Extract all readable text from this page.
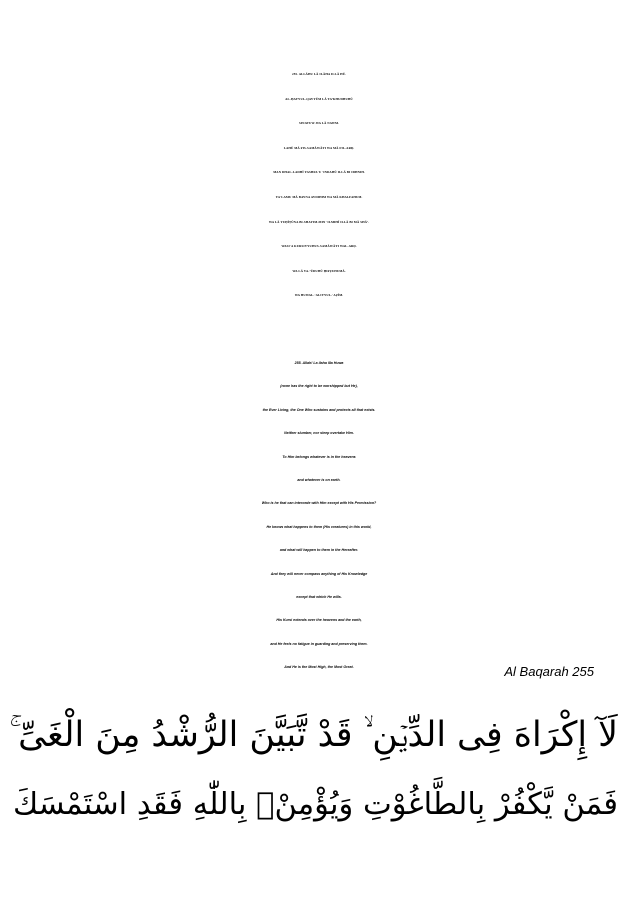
255. ALLĀHU LĀ ILĀHA ILLĀ HŪ.
AL-ḤAYYUL-QAYYŪM LĀ TA’KHUDHUHŪ
SINATUW-WA LĀ NAWM.
LAHŪ MĀ FIS-SAMĀWĀTI WA MĀ FIL-ARḌ.
MAN DHAL-LADHĪ YASHFA`U `INDAHŪ ILLĀ BI IDHNIH.
YA`LAMU MĀ BAYNA AYDIHIM WA MĀ KHALFAHUM.
WA LĀ YUḤĪṬŪNA BI-SHAYIM-MIN `ILMIHĪ ILLĀ BI MĀ SHĀ’.
WASI`A KURSIYYUHUS-SAMĀWĀTI WAL-ARḌ.
WA LĀ YA-‘ŪDUHŪ ḤIFẒUHUMĀ.
WA HUWAL-`ALIYYUL-`AẒĪM.
255. Allah! La ilaha illa Huwa
(none has the right to be worshipped but He),
the Ever Living, the One Who sustains and protects all that exists.
Neither slumber, nor sleep overtake Him.
To Him belongs whatever is in the heavens
and whatever is on earth.
Who is he that can intercede with Him except with His Permission?
He knows what happens to them (His creatures) in this world,
and what will happen to them in the Hereafter.
And they will never compass anything of His Knowledge
except that which He wills.
His Kursi extends over the heavens and the earth,
and He feels no fatigue in guarding and preserving them.
And He is the Most High, the Most Great.	Al Baqarah 255
لَآ إِكْرَاهَ فِى الدِّيۡنِ ۙ قَدْ تَّبَيَّنَ الرُّشْدُ مِنَ الْغَىِّ ۚ
فَمَنْ يَّكْفُرْ بِالطَّاغُوْتِ وَيُؤْمِنْۢ بِاللّٰهِ فَقَدِ اسْتَمْسَكَ
